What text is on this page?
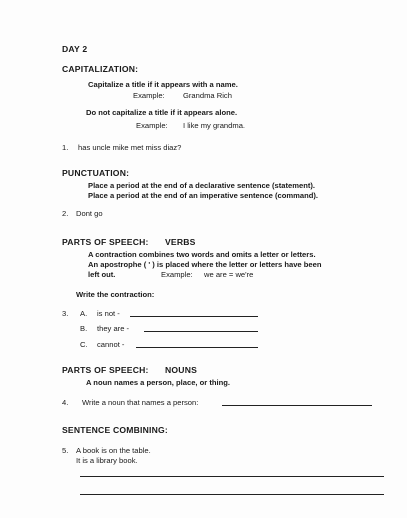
DAY 2
CAPITALIZATION:
Capitalize a title if it appears with a name.
Example: Grandma Rich
Do not capitalize a title if it appears alone.
Example: I like my grandma.
1. has uncle mike met miss diaz?
PUNCTUATION:
Place a period at the end of a declarative sentence (statement).
Place a period at the end of an imperative sentence (command).
2. Dont go
PARTS OF SPEECH: VERBS
A contraction combines two words and omits a letter or letters.
An apostrophe ( ' ) is placed where the letter or letters have been
left out.	Example: we are = we're
Write the contraction:
3. A. is not -
B. they are -
C. cannot -
PARTS OF SPEECH: NOUNS
A noun names a person, place, or thing.
4. Write a noun that names a person:
SENTENCE COMBINING:
5. A book is on the table.
It is a library book.
